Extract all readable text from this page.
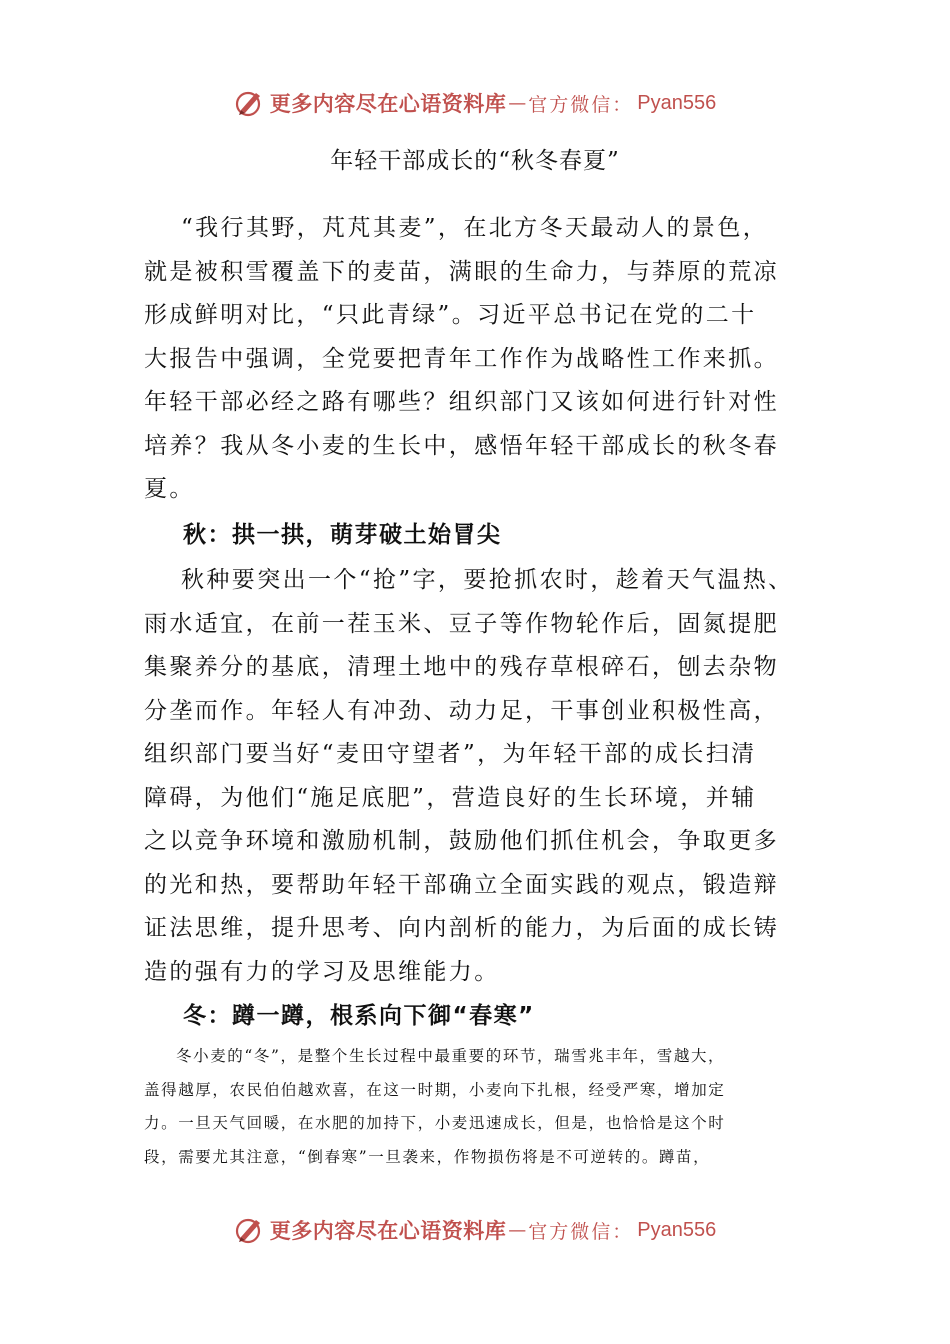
更多内容尽在心语资料库 — 官方微信： Pyan556
年轻干部成长的“秋冬春夏”

“我行其野，芃芃其麦”，在北方冬天最动人的景色，
就是被积雪覆盖下的麦苗，满眼的生命力，与莽原的荒凉
形成鲜明对比，“只此青绿”。习近平总书记在党的二十
大报告中强调，全党要把青年工作作为战略性工作来抓。
年轻干部必经之路有哪些？组织部门又该如何进行针对性
培养？我从冬小麦的生长中，感悟年轻干部成长的秋冬春
夏。

秋：拱一拱，萌芽破土始冒尖

秋种要突出一个“抢”字，要抢抓农时，趁着天气温热、
雨水适宜，在前一茬玉米、豆子等作物轮作后，固氮提肥
集聚养分的基底，清理土地中的残存草根碎石，刨去杂物
分垄而作。年轻人有冲劲、动力足，干事创业积极性高，
组织部门要当好“麦田守望者”，为年轻干部的成长扫清
障碍，为他们“施足底肥”，营造良好的生长环境，并辅
之以竞争环境和激励机制，鼓励他们抓住机会，争取更多
的光和热，要帮助年轻干部确立全面实践的观点，锻造辩
证法思维，提升思考、向内剖析的能力，为后面的成长铸
造的强有力的学习及思维能力。

冬：蹲一蹲，根系向下御“春寒”

冬小麦的“冬”，是整个生长过程中最重要的环节，瑞雪兆丰年，雪越大，
盖得越厚，农民伯伯越欢喜，在这一时期，小麦向下扎根，经受严寒，增加定
力。一旦天气回暖，在水肥的加持下，小麦迅速成长，但是，也恰恰是这个时
段，需要尤其注意，“倒春寒”一旦袭来，作物损伤将是不可逆转的。蹲苗，

更多内容尽在心语资料库 — 官方微信： Pyan556
